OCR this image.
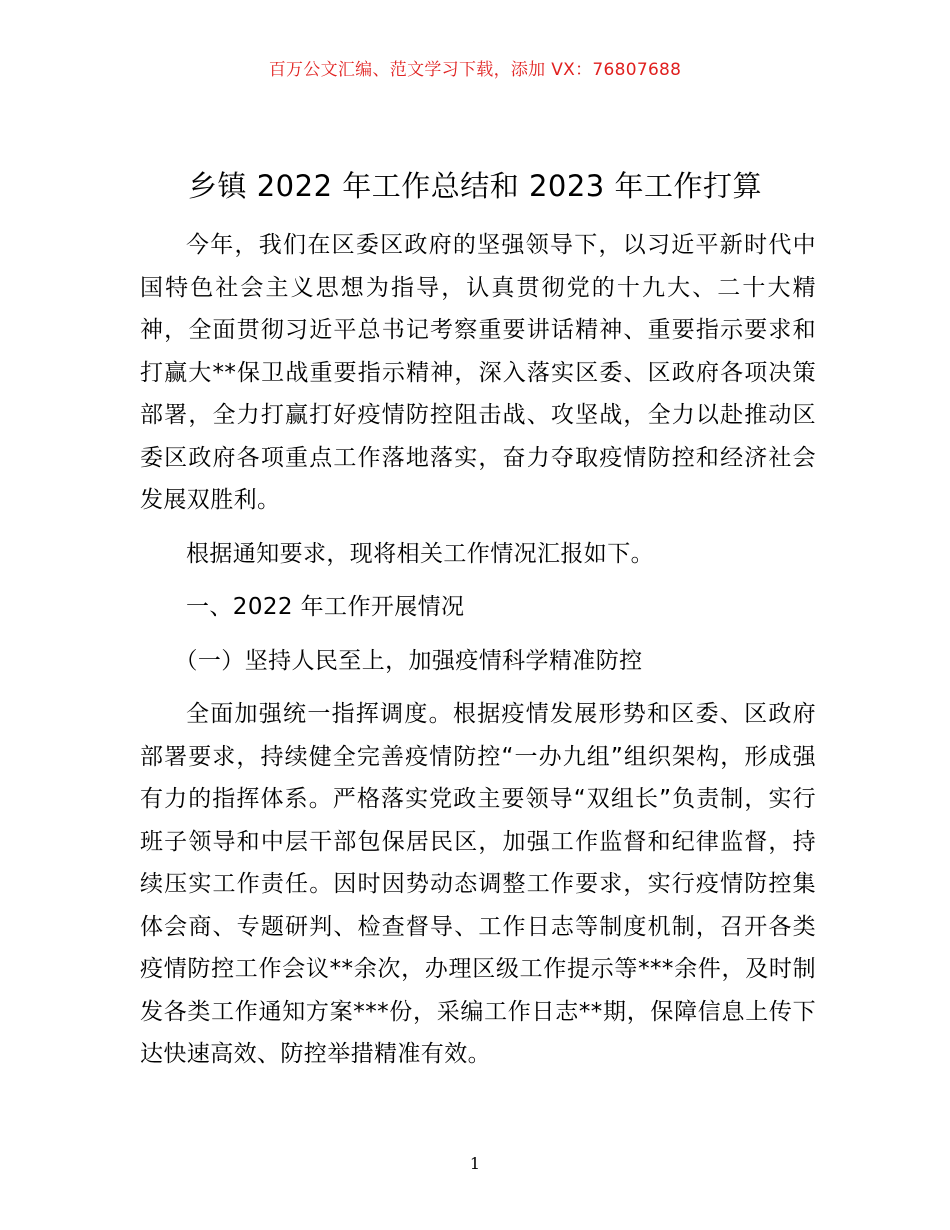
百万公文汇编、范文学习下载，添加 VX：76807688
乡镇 2022 年工作总结和 2023 年工作打算

今年，我们在区委区政府的坚强领导下，以习近平新时代中国特色社会主义思想为指导，认真贯彻党的十九大、二十大精神，全面贯彻习近平总书记考察重要讲话精神、重要指示要求和打赢大**保卫战重要指示精神，深入落实区委、区政府各项决策部署，全力打赢打好疫情防控阻击战、攻坚战，全力以赴推动区委区政府各项重点工作落地落实，奋力夺取疫情防控和经济社会发展双胜利。

根据通知要求，现将相关工作情况汇报如下。

一、2022 年工作开展情况

（一）坚持人民至上，加强疫情科学精准防控

全面加强统一指挥调度。根据疫情发展形势和区委、区政府部署要求，持续健全完善疫情防控“一办九组”组织架构，形成强有力的指挥体系。严格落实党政主要领导“双组长”负责制，实行班子领导和中层干部包保居民区，加强工作监督和纪律监督，持续压实工作责任。因时因势动态调整工作要求，实行疫情防控集体会商、专题研判、检查督导、工作日志等制度机制，召开各类疫情防控工作会议**余次，办理区级工作提示等***余件，及时制发各类工作通知方案***份，采编工作日志**期，保障信息上传下达快速高效、防控举措精准有效。

1
